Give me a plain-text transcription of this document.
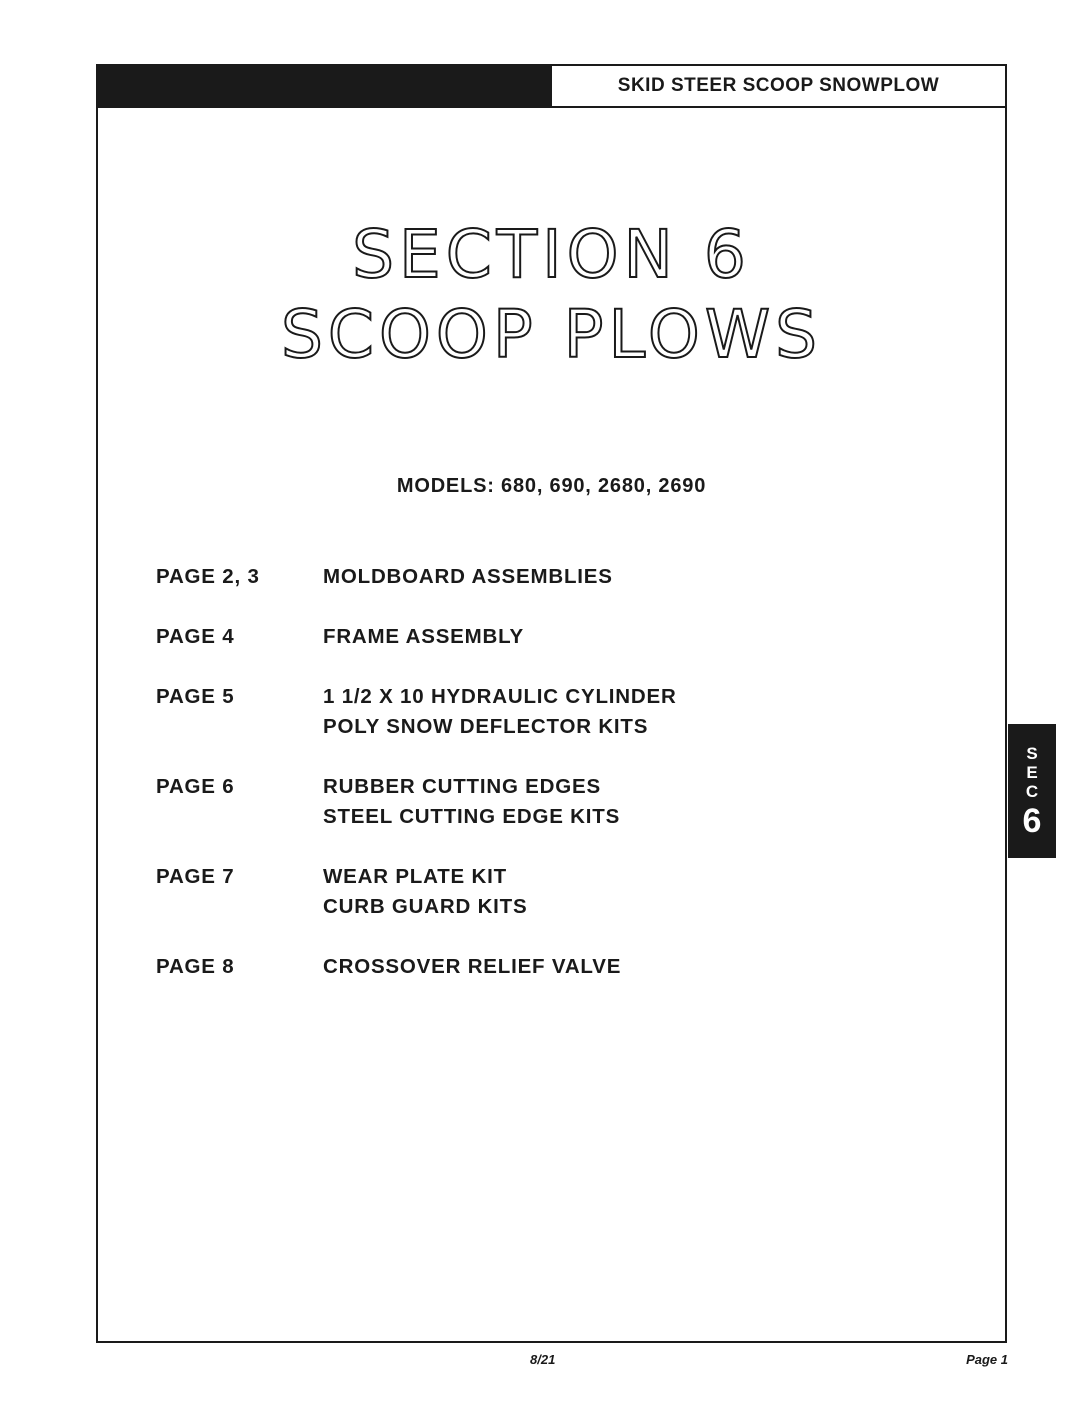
SKID STEER SCOOP SNOWPLOW
SECTION 6
SCOOP PLOWS
MODELS: 680, 690, 2680, 2690
PAGE 2, 3	MOLDBOARD ASSEMBLIES
PAGE 4	FRAME ASSEMBLY
PAGE 5	1 1/2 X 10 HYDRAULIC CYLINDER
POLY SNOW DEFLECTOR KITS
PAGE 6	RUBBER CUTTING EDGES
STEEL CUTTING EDGE KITS
PAGE 7	WEAR PLATE KIT
CURB GUARD KITS
PAGE 8	CROSSOVER RELIEF VALVE
S
E
C
6
8/21	Page 1
